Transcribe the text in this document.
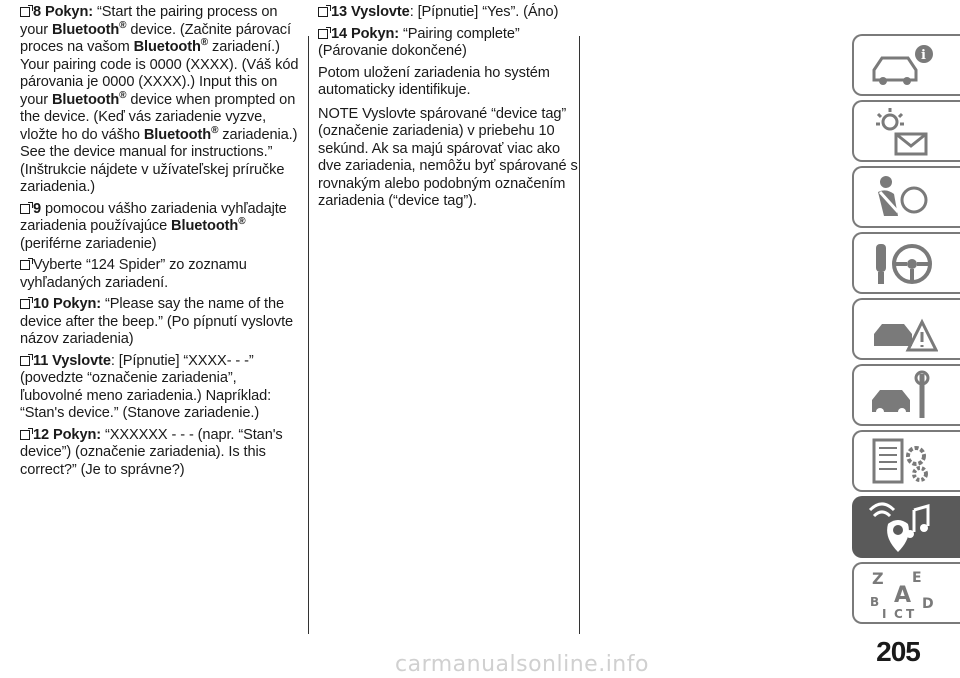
8 Pokyn: “Start the pairing process on your Bluetooth® device. (Začnite párovací proces na vašom Bluetooth® zariadení.) Your pairing code is 0000 (XXXX). (Váš kód párovania je 0000 (XXXX).) Input this on your Bluetooth® device when prompted on the device. (Keď vás zariadenie vyzve, vložte ho do vášho Bluetooth® zariadenia.) See the device manual for instructions.” (Inštrukcie nájdete v užívateľskej príručke zariadenia.)

9 pomocou vášho zariadenia vyhľadajte zariadenia používajúce Bluetooth® (periférne zariadenie)

Vyberte “124 Spider” zo zoznamu vyhľadaných zariadení.

10 Pokyn: “Please say the name of the device after the beep.” (Po pípnutí vyslovte názov zariadenia)

11 Vyslovte: [Pípnutie] “XXXX- - -” (povedzte “označenie zariadenia”, ľubovolné meno zariadenia.) Napríklad: “Stan's device.” (Stanove zariadenie.)

12 Pokyn: “XXXXXX - - - (napr. “Stan's device”) (označenie zariadenia). Is this correct?” (Je to správne?)

13 Vyslovte: [Pípnutie] “Yes”. (Áno)

14 Pokyn: “Pairing complete” (Párovanie dokončené)

Potom uložení zariadenia ho systém automaticky identifikuje.

NOTE Vyslovte spárované “device tag” (označenie zariadenia) v priebehu 10 sekúnd. Ak sa majú spárovať viac ako dve zariadenia, nemôžu byť spárované s rovnakým alebo podobným označením zariadenia (“device tag”).

i
Z E
A
B	D
I C T
205
carmanualsonline.info
